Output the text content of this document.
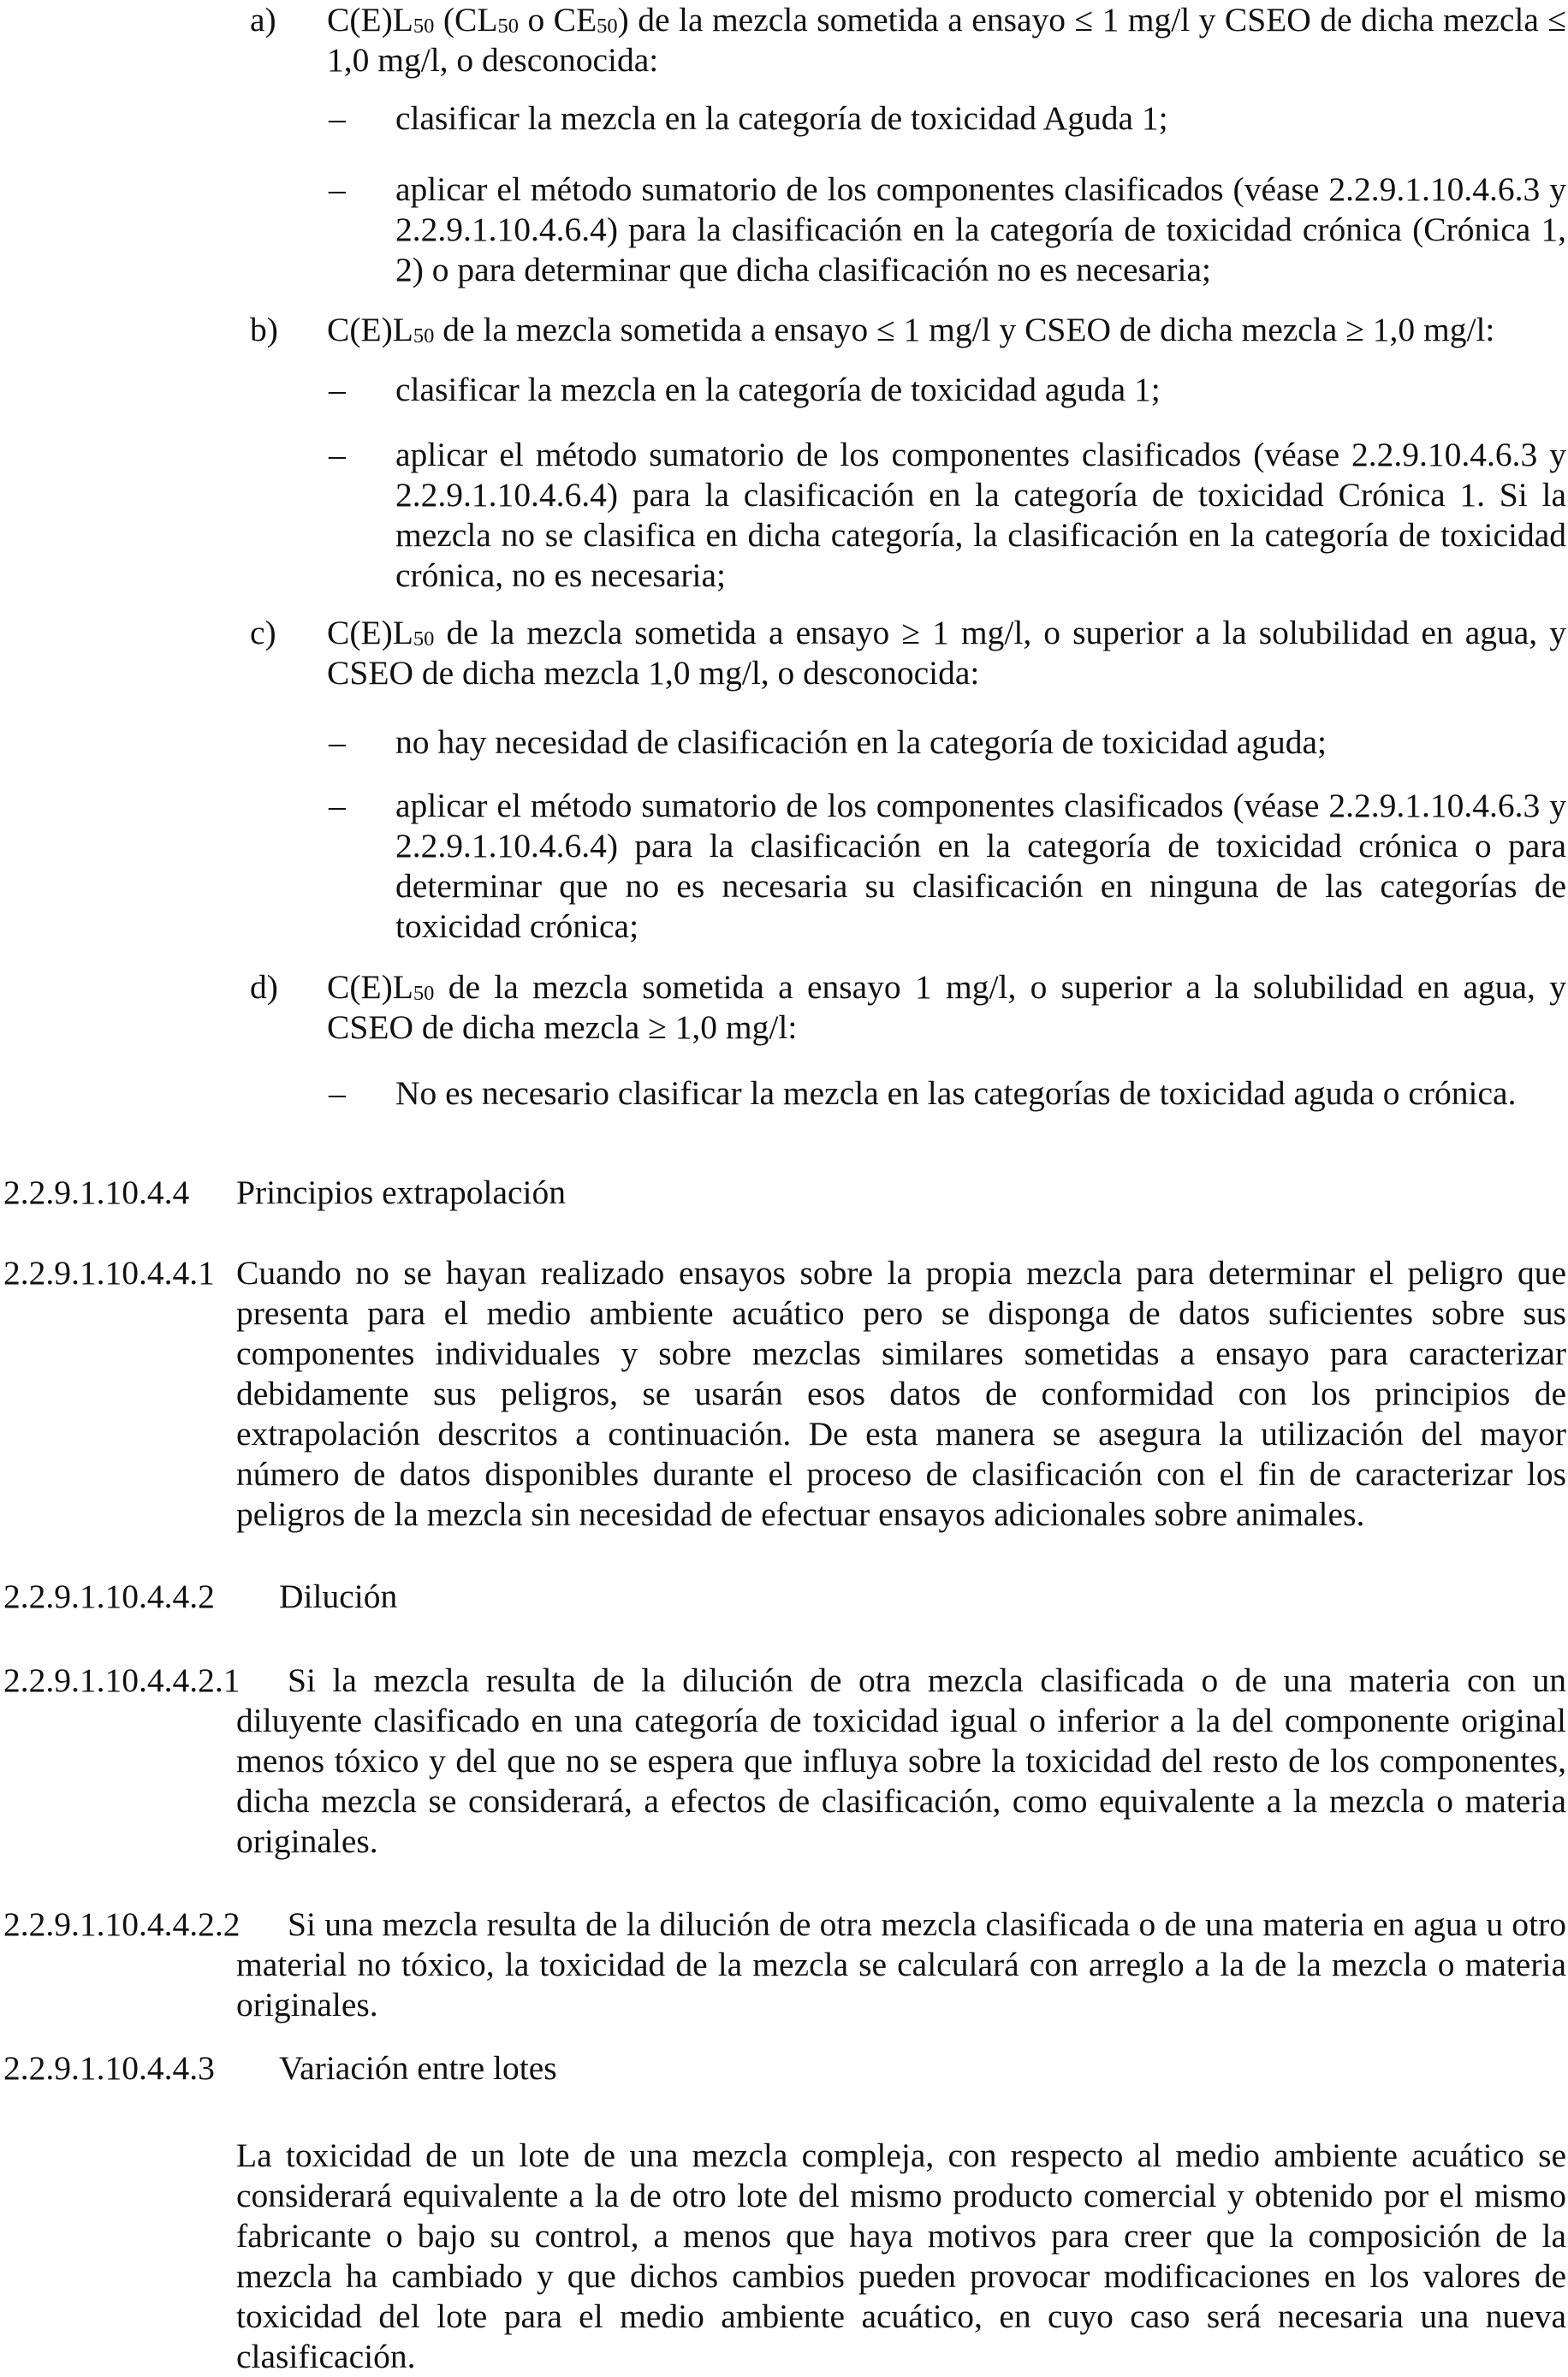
a) $C(E)L_{50}$ ($CL_{50}$ o $CE_{50}$) de la mezcla sometida a ensayo ≤ 1 mg/l y CSEO de dicha mezcla ≤ 1,0 mg/l, o desconocida:

– clasificar la mezcla en la categoría de toxicidad Aguda 1;

– aplicar el método sumatorio de los componentes clasificados (véase 2.2.9.1.10.4.6.3 y 2.2.9.1.10.4.6.4) para la clasificación en la categoría de toxicidad crónica (Crónica 1, 2) o para determinar que dicha clasificación no es necesaria;

b) $C(E)L_{50}$ de la mezcla sometida a ensayo ≤ 1 mg/l y CSEO de dicha mezcla ≥ 1,0 mg/l:

– clasificar la mezcla en la categoría de toxicidad aguda 1;

– aplicar el método sumatorio de los componentes clasificados (véase 2.2.9.10.4.6.3 y 2.2.9.1.10.4.6.4) para la clasificación en la categoría de toxicidad Crónica 1. Si la mezcla no se clasifica en dicha categoría, la clasificación en la categoría de toxicidad crónica, no es necesaria;

c) $C(E)L_{50}$ de la mezcla sometida a ensayo ≥ 1 mg/l, o superior a la solubilidad en agua, y CSEO de dicha mezcla 1,0 mg/l, o desconocida:

– no hay necesidad de clasificación en la categoría de toxicidad aguda;

– aplicar el método sumatorio de los componentes clasificados (véase 2.2.9.1.10.4.6.3 y 2.2.9.1.10.4.6.4) para la clasificación en la categoría de toxicidad crónica o para determinar que no es necesaria su clasificación en ninguna de las categorías de toxicidad crónica;

d) $C(E)L_{50}$ de la mezcla sometida a ensayo 1 mg/l, o superior a la solubilidad en agua, y CSEO de dicha mezcla ≥ 1,0 mg/l:

– No es necesario clasificar la mezcla en las categorías de toxicidad aguda o crónica.

2.2.9.1.10.4.4 Principios extrapolación
2.2.9.1.10.4.4.1 Cuando no se hayan realizado ensayos sobre la propia mezcla para determinar el peligro que presenta para el medio ambiente acuático pero se disponga de datos suficientes sobre sus componentes individuales y sobre mezclas similares sometidas a ensayo para caracterizar debidamente sus peligros, se usarán esos datos de conformidad con los principios de extrapolación descritos a continuación. De esta manera se asegura la utilización del mayor número de datos disponibles durante el proceso de clasificación con el fin de caracterizar los peligros de la mezcla sin necesidad de efectuar ensayos adicionales sobre animales.

2.2.9.1.10.4.4.2 Dilución
2.2.9.1.10.4.4.2.1	Si la mezcla resulta de la dilución de otra mezcla clasificada o de una materia con un diluyente clasificado en una categoría de toxicidad igual o inferior a la del componente original menos tóxico y del que no se espera que influya sobre la toxicidad del resto de los componentes, dicha mezcla se considerará, a efectos de clasificación, como equivalente a la mezcla o materia originales.

2.2.9.1.10.4.4.2.2	Si una mezcla resulta de la dilución de otra mezcla clasificada o de una materia en agua u otro material no tóxico, la toxicidad de la mezcla se calculará con arreglo a la de la mezcla o materia originales.

2.2.9.1.10.4.4.3 Variación entre lotes

La toxicidad de un lote de una mezcla compleja, con respecto al medio ambiente acuático se considerará equivalente a la de otro lote del mismo producto comercial y obtenido por el mismo fabricante o bajo su control, a menos que haya motivos para creer que la composición de la mezcla ha cambiado y que dichos cambios pueden provocar modificaciones en los valores de toxicidad del lote para el medio ambiente acuático, en cuyo caso será necesaria una nueva clasificación.
